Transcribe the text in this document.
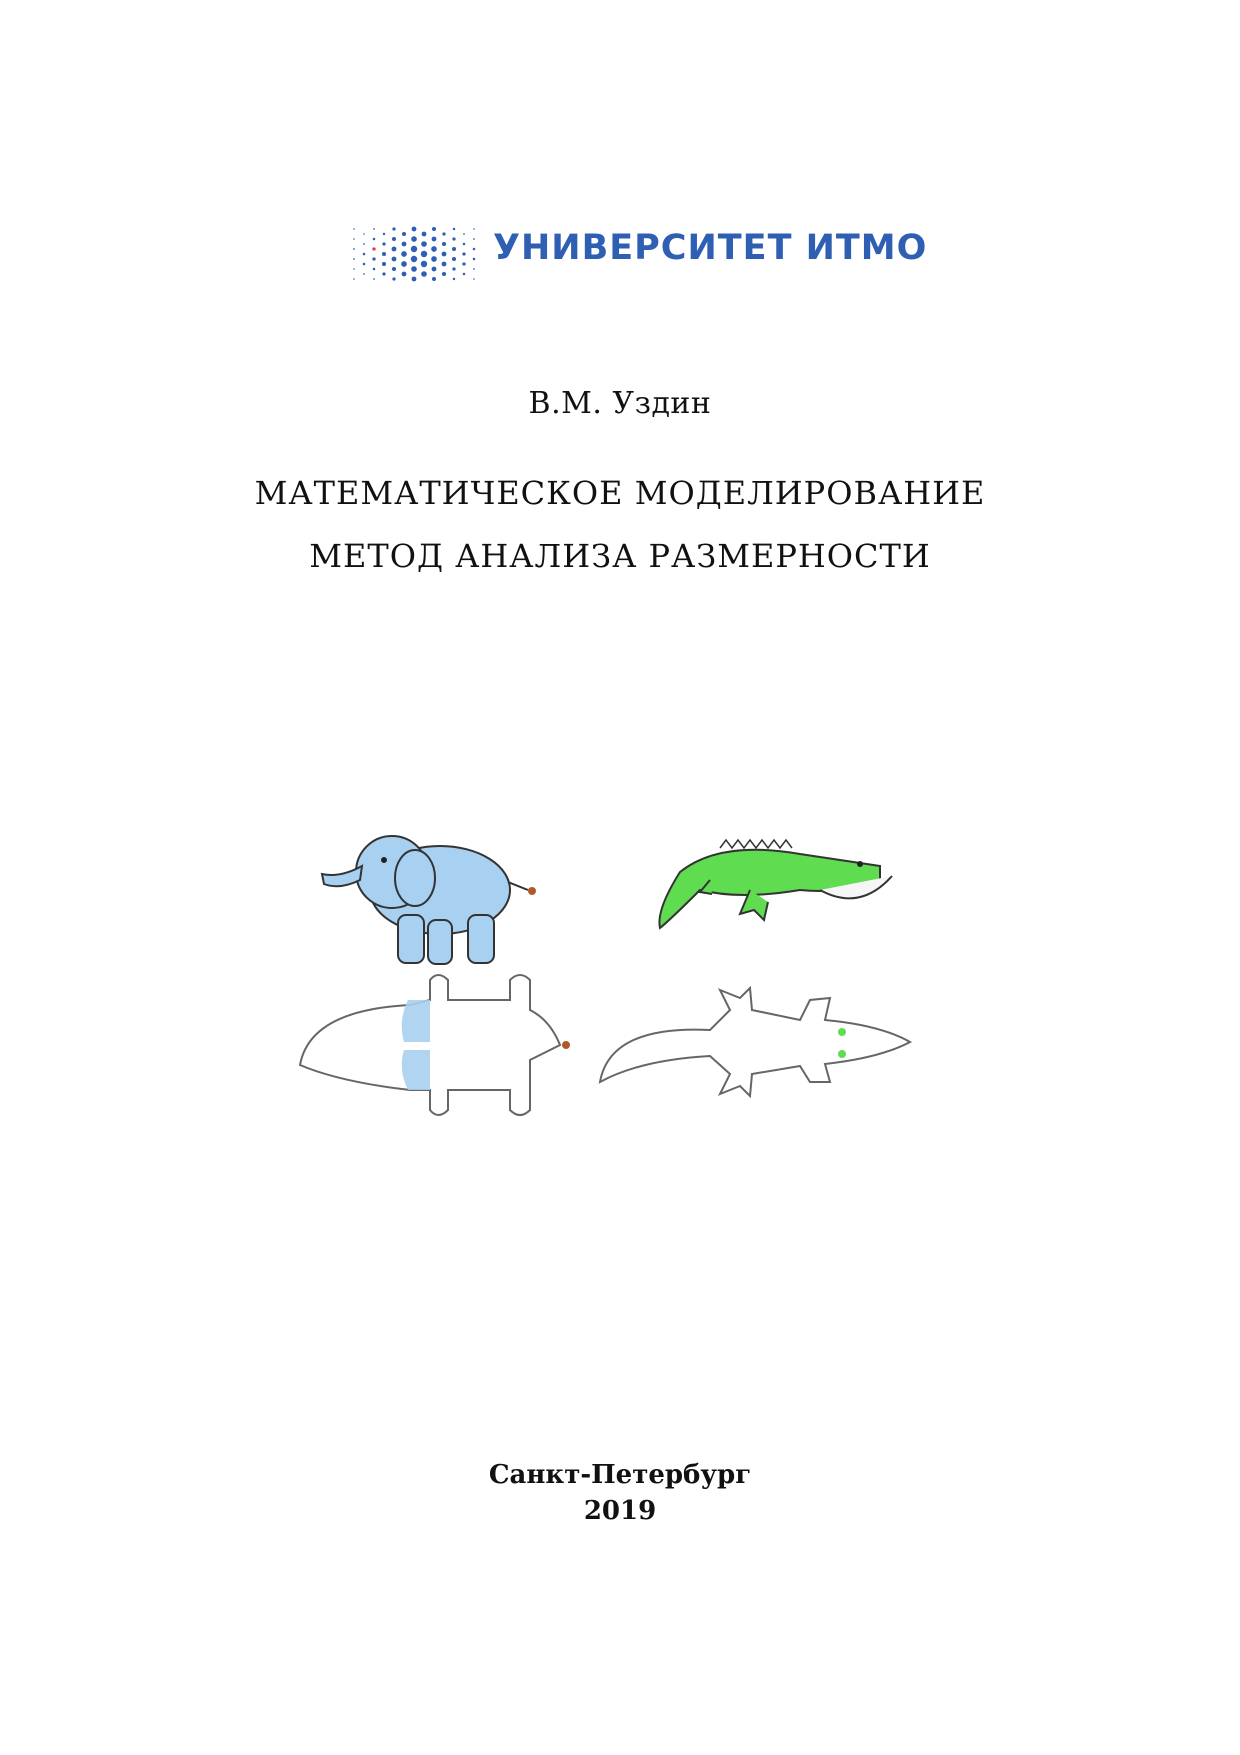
УНИВЕРСИТЕТ ИТМО
В.М. Уздин
МАТЕМАТИЧЕСКОЕ МОДЕЛИРОВАНИЕ
МЕТОД АНАЛИЗА РАЗМЕРНОСТИ
Санкт-Петербург
2019
